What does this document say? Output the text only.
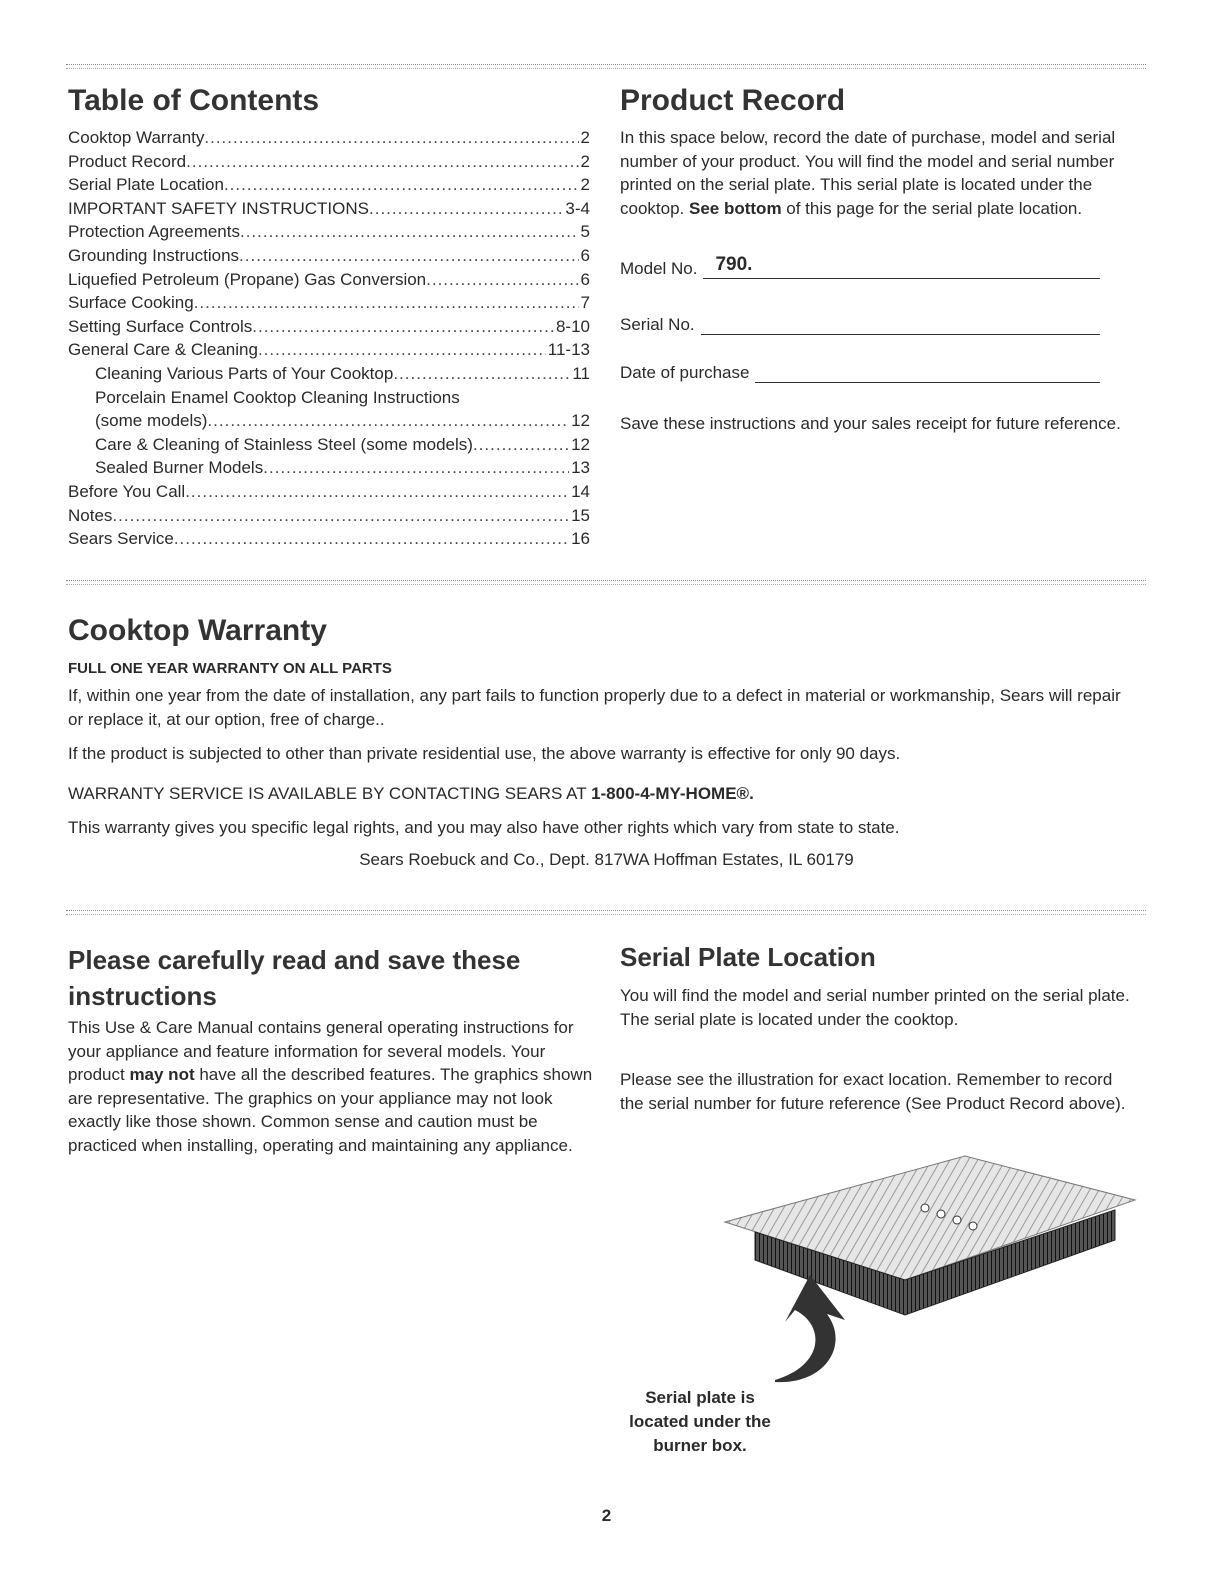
Table of Contents
Cooktop Warranty .....	2
Product Record .....	2
Serial Plate Location .....	2
IMPORTANT SAFETY INSTRUCTIONS .....	3-4
Protection Agreements .....	5
Grounding Instructions .....	6
Liquefied Petroleum (Propane) Gas Conversion .....	6
Surface Cooking .....	7
Setting Surface Controls .....	8-10
General Care & Cleaning .....	11-13
Cleaning Various Parts of Your Cooktop .....	11
Porcelain Enamel Cooktop Cleaning Instructions
(some models) .....	12
Care & Cleaning of Stainless Steel (some models) .....	12
Sealed Burner Models .....	13
Before You Call .....	14
Notes .....	15
Sears Service .....	16
Product Record

In this space below, record the date of purchase, model and serial number of your product. You will find the model and serial number printed on the serial plate. This serial plate is located under the cooktop. See bottom of this page for the serial plate location.

Model No. 790.
Serial No.
Date of purchase

Save these instructions and your sales receipt for future reference.

Cooktop Warranty
FULL ONE YEAR WARRANTY ON ALL PARTS

If, within one year from the date of installation, any part fails to function properly due to a defect in material or workmanship, Sears will repair or replace it, at our option, free of charge..

If the product is subjected to other than private residential use, the above warranty is effective for only 90 days.

WARRANTY SERVICE IS AVAILABLE BY CONTACTING SEARS AT 1-800-4-MY-HOME®.

This warranty gives you specific legal rights, and you may also have other rights which vary from state to state.

Sears Roebuck and Co., Dept. 817WA Hoffman Estates, IL 60179
Please carefully read and save these instructions

This Use & Care Manual contains general operating instructions for your appliance and feature information for several models. Your product may not have all the described features. The graphics shown are representative. The graphics on your appliance may not look exactly like those shown. Common sense and caution must be practiced when installing, operating and maintaining any appliance.

Serial Plate Location

You will find the model and serial number printed on the serial plate. The serial plate is located under the cooktop.

Please see the illustration for exact location. Remember to record the serial number for future reference (See Product Record above).

Serial plate is
located under the
burner box.
2
